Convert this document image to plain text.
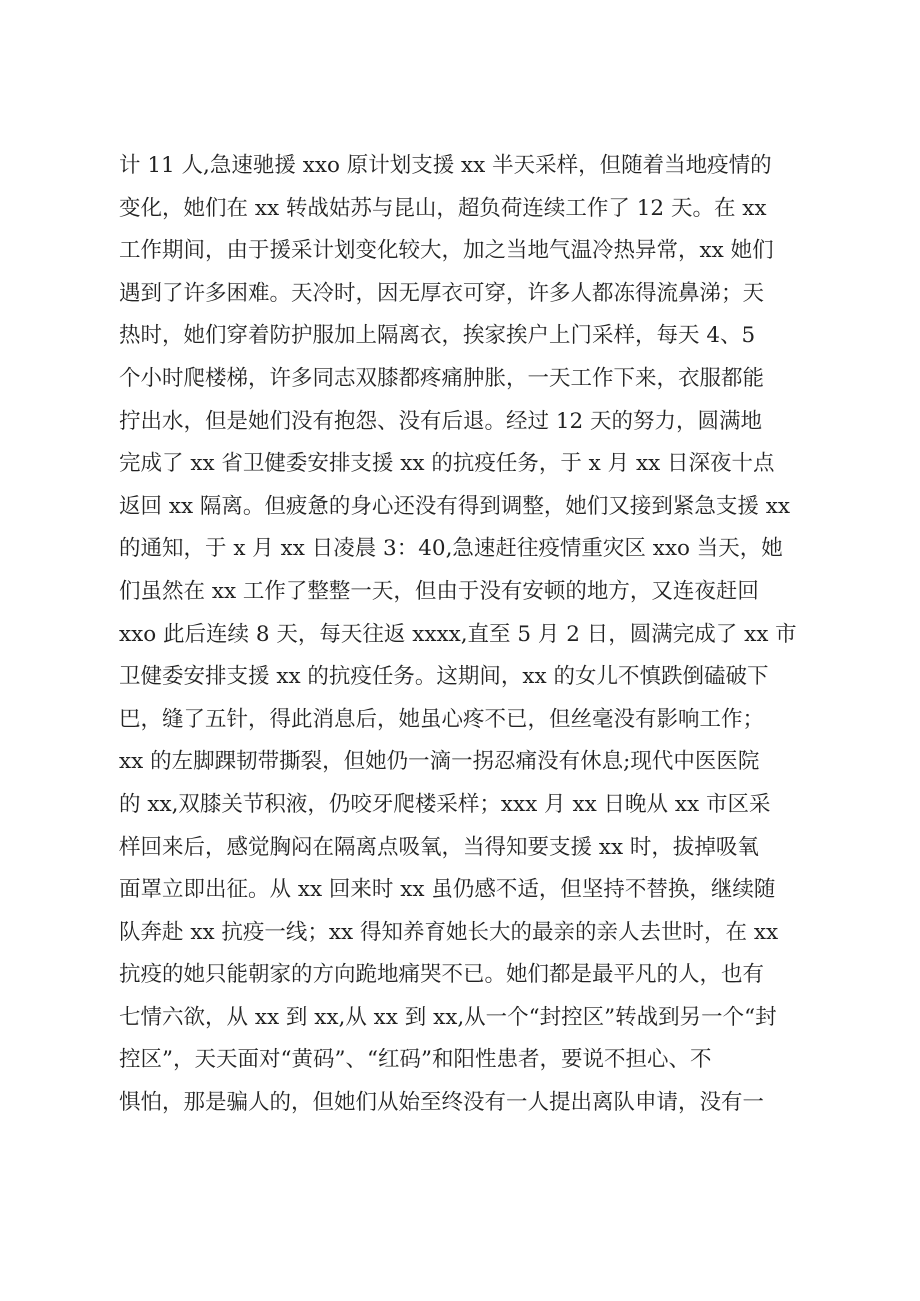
计 11 人,急速驰援 xxo 原计划支援 xx 半天采样，但随着当地疫情的
变化，她们在 xx 转战姑苏与昆山，超负荷连续工作了 12 天。在 xx
工作期间，由于援采计划变化较大，加之当地气温冷热异常，xx 她们
遇到了许多困难。天冷时，因无厚衣可穿，许多人都冻得流鼻涕；天
热时，她们穿着防护服加上隔离衣，挨家挨户上门采样，每天 4、5
个小时爬楼梯，许多同志双膝都疼痛肿胀，一天工作下来，衣服都能
拧出水，但是她们没有抱怨、没有后退。经过 12 天的努力，圆满地
完成了 xx 省卫健委安排支援 xx 的抗疫任务，于 x 月 xx 日深夜十点
返回 xx 隔离。但疲惫的身心还没有得到调整，她们又接到紧急支援 xx
的通知，于 x 月 xx 日凌晨 3：40,急速赶往疫情重灾区 xxo 当天，她
们虽然在 xx 工作了整整一天，但由于没有安顿的地方，又连夜赶回
xxo 此后连续 8 天，每天往返 xxxx,直至 5 月 2 日，圆满完成了 xx 市
卫健委安排支援 xx 的抗疫任务。这期间，xx 的女儿不慎跌倒磕破下
巴，缝了五针，得此消息后，她虽心疼不已，但丝毫没有影响工作；
xx 的左脚踝韧带撕裂，但她仍一滴一拐忍痛没有休息;现代中医医院
的 xx,双膝关节积液，仍咬牙爬楼采样；xxx 月 xx 日晚从 xx 市区采
样回来后，感觉胸闷在隔离点吸氧，当得知要支援 xx 时，拔掉吸氧
面罩立即出征。从 xx 回来时 xx 虽仍感不适，但坚持不替换，继续随
队奔赴 xx 抗疫一线；xx 得知养育她长大的最亲的亲人去世时，在 xx
抗疫的她只能朝家的方向跪地痛哭不已。她们都是最平凡的人，也有
七情六欲，从 xx 到 xx,从 xx 到 xx,从一个“封控区”转战到另一个“封
控区”，天天面对“黄码”、“红码”和阳性患者，要说不担心、不
惧怕，那是骗人的，但她们从始至终没有一人提出离队申请，没有一
